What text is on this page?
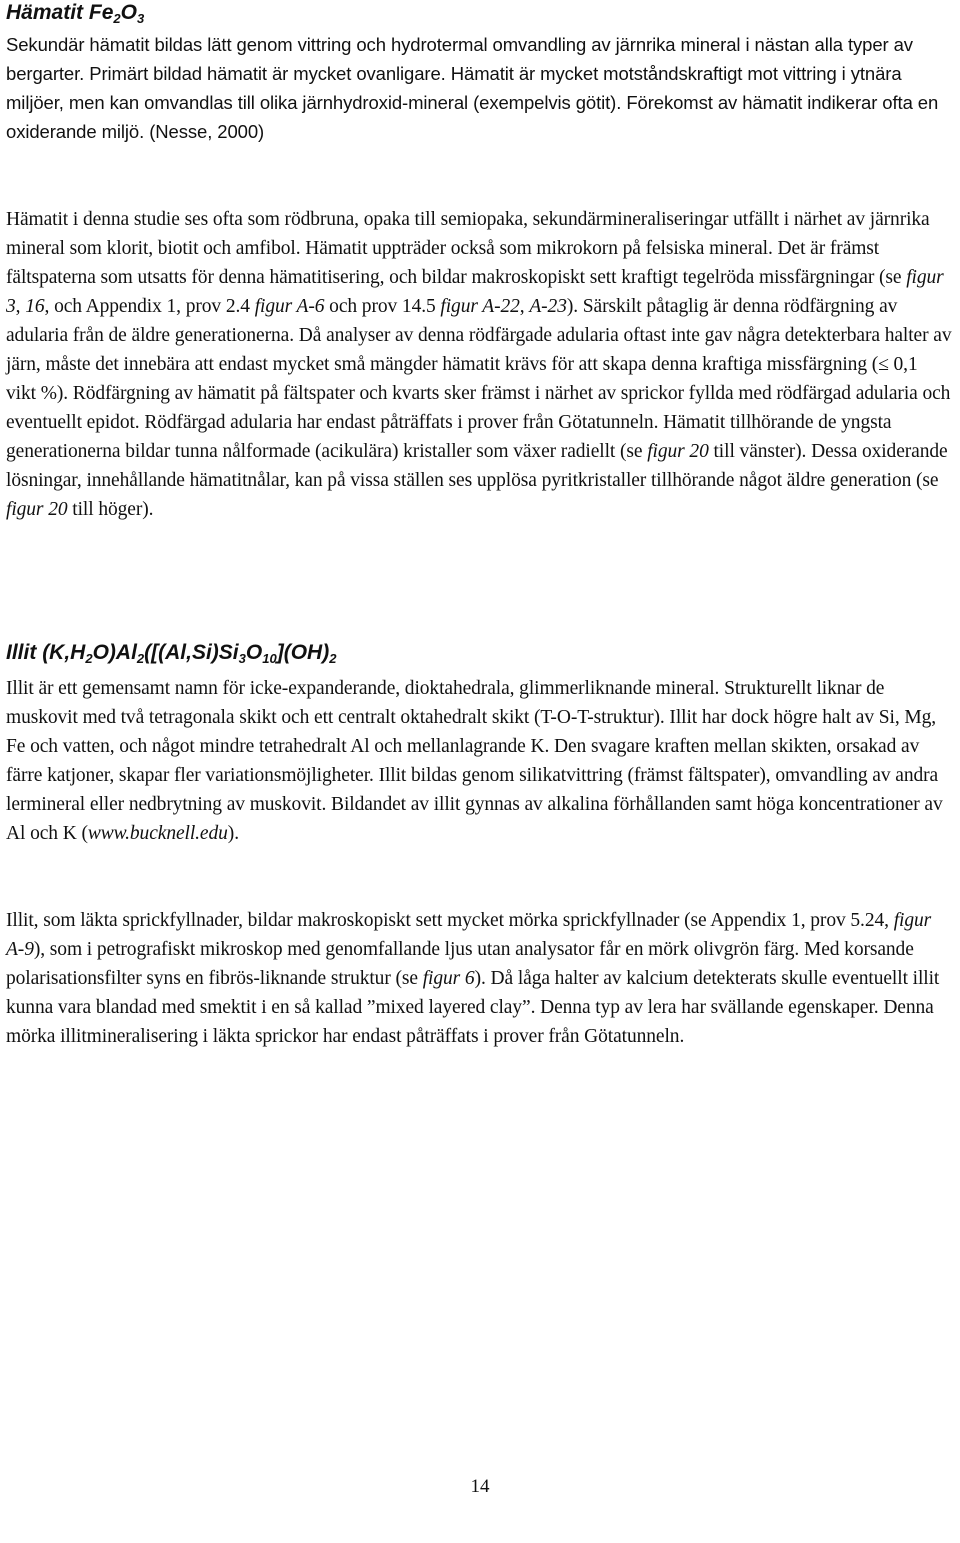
Hämatit $Fe_2O_3$

Sekundär hämatit bildas lätt genom vittring och hydrotermal omvandling av järnrika mineral i nästan alla typer av bergarter. Primärt bildad hämatit är mycket ovanligare. Hämatit är mycket motståndskraftigt mot vittring i ytnära miljöer, men kan omvandlas till olika järnhydroxid-mineral (exempelvis götit). Förekomst av hämatit indikerar ofta en oxiderande miljö. (Nesse, 2000)

Hämatit i denna studie ses ofta som rödbruna, opaka till semiopaka, sekundärmineraliseringar utfällt i närhet av järnrika mineral som klorit, biotit och amfibol. Hämatit uppträder också som mikrokorn på felsiska mineral. Det är främst fältspaterna som utsatts för denna hämatitisering, och bildar makroskopiskt sett kraftigt tegelröda missfärgningar (se figur 3, 16, och Appendix 1, prov 2.4 figur A-6 och prov 14.5 figur A-22, A-23). Särskilt påtaglig är denna rödfärgning av adularia från de äldre generationerna. Då analyser av denna rödfärgade adularia oftast inte gav några detekterbara halter av järn, måste det innebära att endast mycket små mängder hämatit krävs för att skapa denna kraftiga missfärgning (≤ 0,1 vikt %). Rödfärgning av hämatit på fältspater och kvarts sker främst i närhet av sprickor fyllda med rödfärgad adularia och eventuellt epidot. Rödfärgad adularia har endast påträffats i prover från Götatunneln. Hämatit tillhörande de yngsta generationerna bildar tunna nålformade (acikulära) kristaller som växer radiellt (se figur 20 till vänster). Dessa oxiderande lösningar, innehållande hämatitnålar, kan på vissa ställen ses upplösa pyritkristaller tillhörande något äldre generation (se figur 20 till höger).

Illit $(K,H_2O)Al_2([(Al,Si)Si_3O_{10}](OH)_2$

Illit är ett gemensamt namn för icke-expanderande, dioktahedrala, glimmerliknande mineral. Strukturellt liknar de muskovit med två tetragonala skikt och ett centralt oktahedralt skikt (T-O-T-struktur). Illit har dock högre halt av Si, Mg, Fe och vatten, och något mindre tetrahedralt Al och mellanlagrande K. Den svagare kraften mellan skikten, orsakad av färre katjoner, skapar fler variationsmöjligheter. Illit bildas genom silikatvittring (främst fältspater), omvandling av andra lermineral eller nedbrytning av muskovit. Bildandet av illit gynnas av alkalina förhållanden samt höga koncentrationer av Al och K (www.bucknell.edu).

Illit, som läkta sprickfyllnader, bildar makroskopiskt sett mycket mörka sprickfyllnader (se Appendix 1, prov 5.24, figur A-9), som i petrografiskt mikroskop med genomfallande ljus utan analysator får en mörk olivgrön färg. Med korsande polarisationsfilter syns en fibrös-liknande struktur (se figur 6). Då låga halter av kalcium detekterats skulle eventuellt illit kunna vara blandad med smektit i en så kallad ”mixed layered clay”. Denna typ av lera har svällande egenskaper. Denna mörka illitmineralisering i läkta sprickor har endast påträffats i prover från Götatunneln.

14
